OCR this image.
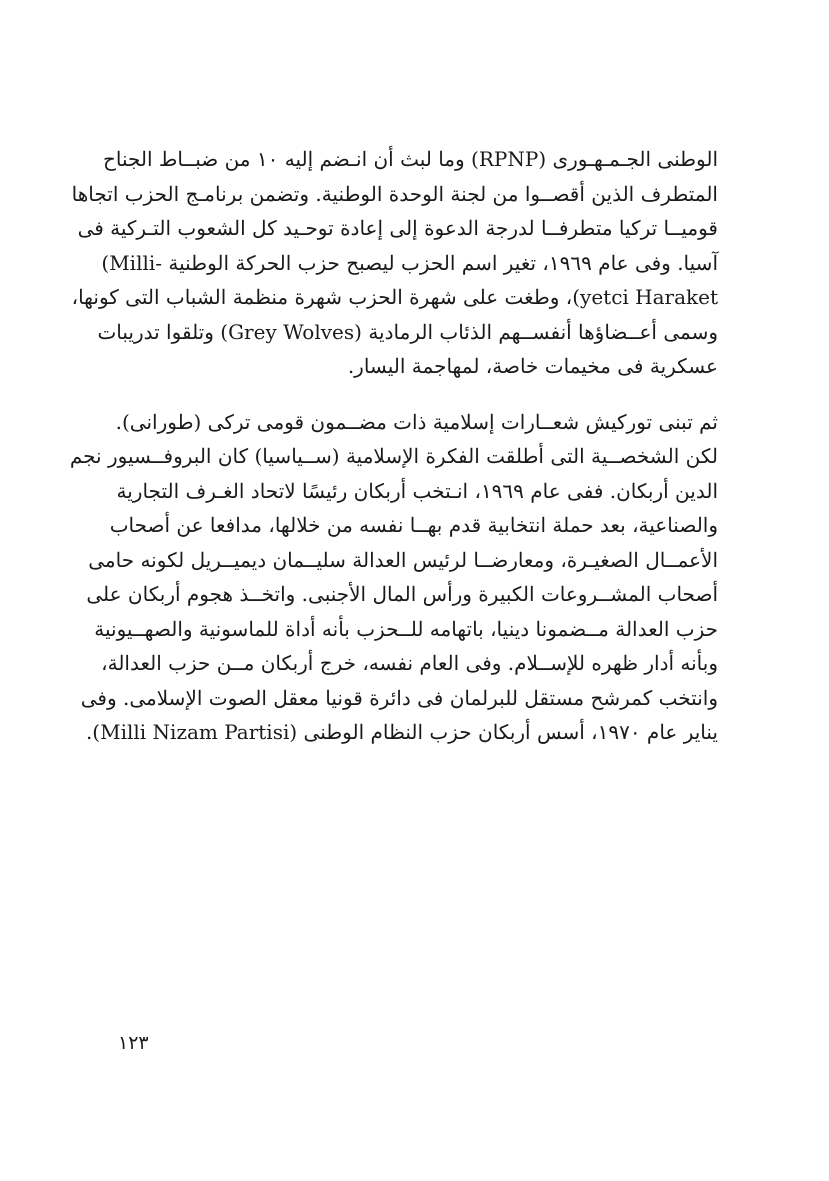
الوطنى الجـمـهـورى (RPNP) وما لبث أن انـضم إليه ١٠ من ضبــاط الجناح
المتطرف الذين أقصــوا من لجنة الوحدة الوطنية. وتضمن برنامـج الحزب اتجاها
قوميــا تركيا متطرفــا لدرجة الدعوة إلى إعادة توحـيد كل الشعوب التـركية فى
آسيا. وفى عام ١٩٦٩، تغير اسم الحزب ليصبح حزب الحركة الوطنية -Milli)
yetci Haraket)، وطغت على شهرة الحزب شهرة منظمة الشباب التى كونها،
وسمى أعــضاؤها أنفســهم الذئاب الرمادية (Grey Wolves) وتلقوا تدريبات
عسكرية فى مخيمات خاصة، لمهاجمة اليسار.
ثم تبنى توركيش شعــارات إسلامية ذات مضــمون قومى تركى (طورانى).
لكن الشخصــية التى أطلقت الفكرة الإسلامية (ســياسيا) كان البروفــسيور نجم
الدين أربكان. ففى عام ١٩٦٩، انـتخب أربكان رئيسًا لاتحاد الغـرف التجارية
والصناعية، بعد حملة انتخابية قدم بهــا نفسه من خلالها، مدافعا عن أصحاب
الأعمــال الصغيـرة، ومعارضــا لرئيس العدالة سليــمان ديميــريل لكونه حامى
أصحاب المشــروعات الكبيرة ورأس المال الأجنبى. واتخــذ هجوم أربكان على
حزب العدالة مــضمونا دينيا، باتهامه للــحزب بأنه أداة للماسونية والصهــيونية
وبأنه أدار ظهره للإســلام. وفى العام نفسه، خرج أربكان مــن حزب العدالة،
وانتخب كمرشح مستقل للبرلمان فى دائرة قونيا معقل الصوت الإسلامى. وفى
يناير عام ١٩٧٠، أسس أربكان حزب النظام الوطنى (Milli Nizam Partisi).
١٢٣
